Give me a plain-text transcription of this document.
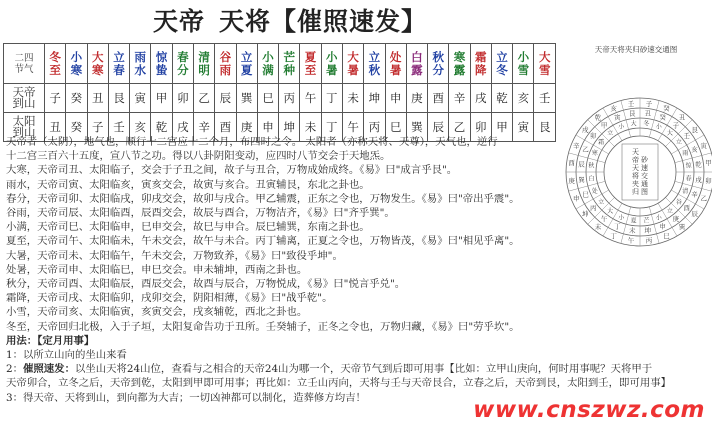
天帝 天将【催照速发】
二四节气	冬至	小寒	大寒	立春	雨水	惊蛰	春分	清明	谷雨	立夏	小满	芒种	夏至	小暑	大暑	立秋	处暑	白露	秋分	寒露	霜降	立冬	小雪	大雪
天帝到山	子	癸	丑	艮	寅	甲	卯	乙	辰	巽	巳	丙	午	丁	未	坤	申	庚	酉	辛	戌	乾	亥	壬
太阳到山	丑	癸	子	壬	亥	乾	戌	辛	酉	庚	申	坤	未	丁	午	丙	巳	巽	辰	乙	卯	甲	寅	艮
天帝天将夹归砂速交通图
子
癸
丑
艮
寅
甲
卯
乙
辰
巽
巳
丙
午
丁
未
坤
申
庚
酉
辛
戌
乾
亥
壬
丑 癸
子
壬
亥
乾
戌
辛
酉
庚
申
坤
未
丁
午
丙
巳
巽
辰
乙
卯
甲
寅 艮
冬 小
大
立
雨
惊
春
清
谷
立
小
芒
夏
小
大
立
处
白
秋
寒
霜
立
小 大
天帝天将夹归砂速交通图

天帝者（太阴），地气也，顺行十二宫应十二个月，布四时之令。 太阳者（亦称天将、天尊），天气也，逆行

十二宫三百六十五度，宣八节之功。得以八卦阴阳变动，应四时八节交会于天地炁。

大寒，天帝司丑、太阳临子，交会于子丑之间，故子与丑合，万物成始成终。《易》曰"成言乎艮"。

雨水，天帝司寅、太阳临亥，寅亥交会，故寅与亥合。丑寅辅艮，东北之卦也。

春分，天帝司卯、太阳临戌，卯戌交会，故卯与戌合。甲乙辅震，正东之令也，万物发生。《易》曰"帝出乎震"。

谷雨，天帝司辰、太阳临酉，辰酉交会，故辰与酉合，万物洁齐，《易》曰"齐乎巽"。

小满，天帝司巳、太阳临申，巳申交会，故巳与申合。辰巳辅巽，东南之卦也。

夏至，天帝司午、太阳临未，午未交会，故午与未合。丙丁辅离，正夏之令也，万物皆茂，《易》曰"相见乎离"。

大暑，天帝司未、太阳临午，午未交会，万物致养，《易》曰"致役乎坤"。

处暑，天帝司申、太阳临巳，申巳交会。申未辅坤，西南之卦也。

秋分，天帝司酉、太阳临辰，酉辰交会，故酉与辰合，万物悦成，《易》曰"悦言乎兑"。

霜降，天帝司戌、太阳临卯，戌卯交会，阴阳相薄，《易》曰"战乎乾"。

小雪，天帝司亥、太阳临寅，亥寅交会，戌亥辅乾，西北之卦也。

冬至，天帝回归北极，入于子垣，太阳复命告功于丑所。壬癸辅子，正冬之令也，万物归藏，《易》曰"劳乎坎"。

用法：【定月用事】

1：以所立山向的坐山来看

2：催照速发：以坐山天将24山位，查看与之相合的天帝24山为哪一个，天帝节气到后即可用事【比如：立甲山庚向，何时用事呢？天将甲于

天帝卯合，立冬之后，天帝到乾，太阳到甲即可用事；再比如：立壬山丙向，天将与壬与天帝艮合，立春之后，天帝到艮，太阳到壬，即可用事】

3：得天帝、天将到山，到向都为大吉；一切凶神都可以制化，造葬修方均吉！	www.cnszwz.com
